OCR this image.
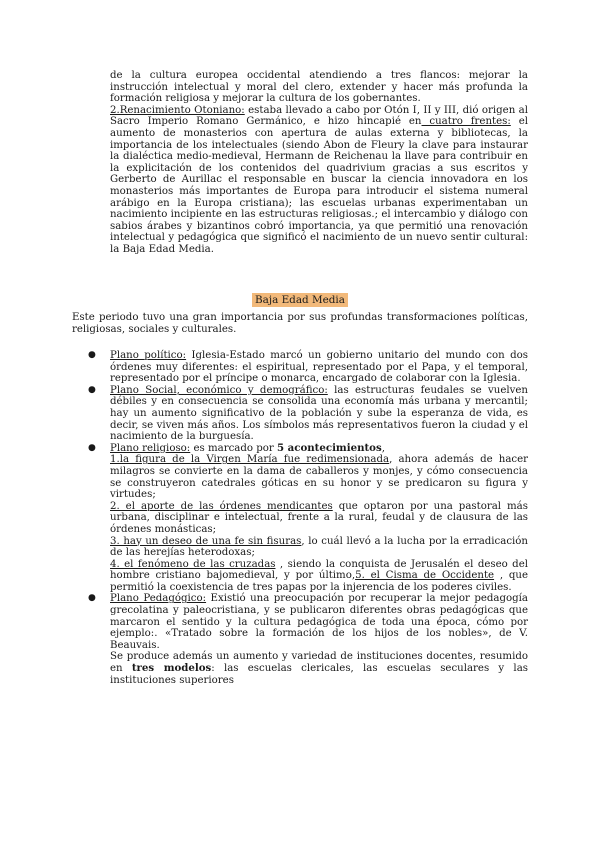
de la cultura europea occidental atendiendo a tres flancos: mejorar la instrucción intelectual y moral del clero, extender y hacer más profunda la formación religiosa y mejorar la cultura de los gobernantes.
2.Renacimiento Otoniano: estaba llevado a cabo por Otón I, II y III, dió origen al Sacro Imperio Romano Germánico, e hizo hincapié en cuatro frentes: el aumento de monasterios con apertura de aulas externa y bibliotecas, la importancia de los intelectuales (siendo Abon de Fleury la clave para instaurar la dialéctica medio-medieval, Hermann de Reichenau la llave para contribuir en la explicitación de los contenidos del quadrivium gracias a sus escritos y Gerberto de Aurillac el responsable en buscar la ciencia innovadora en los monasterios más importantes de Europa para introducir el sistema numeral arábigo en la Europa cristiana); las escuelas urbanas experimentaban un nacimiento incipiente en las estructuras religiosas.; el intercambio y diálogo con sabios árabes y bizantinos cobró importancia, ya que permitió una renovación intelectual y pedagógica que significó el nacimiento de un nuevo sentir cultural: la Baja Edad Media.
Baja Edad Media
Este periodo tuvo una gran importancia por sus profundas transformaciones políticas, religiosas, sociales y culturales.
● Plano político: Iglesia-Estado marcó un gobierno unitario del mundo con dos órdenes muy diferentes: el espiritual, representado por el Papa, y el temporal, representado por el príncipe o monarca, encargado de colaborar con la Iglesia.
● Plano Social, económico y demográfico: las estructuras feudales se vuelven débiles y en consecuencia se consolida una economía más urbana y mercantil; hay un aumento significativo de la población y sube la esperanza de vida, es decir, se viven más años. Los símbolos más representativos fueron la ciudad y el nacimiento de la burguesía.
● Plano religioso: es marcado por 5 acontecimientos,
1.la figura de la Virgen María fue redimensionada, ahora además de hacer milagros se convierte en la dama de caballeros y monjes, y cómo consecuencia se construyeron catedrales góticas en su honor y se predicaron su figura y virtudes;
2. el aporte de las órdenes mendicantes que optaron por una pastoral más urbana, disciplinar e intelectual, frente a la rural, feudal y de clausura de las órdenes monásticas;
3. hay un deseo de una fe sin fisuras, lo cuál llevó a la lucha por la erradicación de las herejías heterodoxas;
4. el fenómeno de las cruzadas , siendo la conquista de Jerusalén el deseo del hombre cristiano bajomedieval, y por último,5. el Cisma de Occidente , que permitió la coexistencia de tres papas por la injerencia de los poderes civiles.
● Plano Pedagógico: Existió una preocupación por recuperar la mejor pedagogía grecolatina y paleocristiana, y se publicaron diferentes obras pedagógicas que marcaron el sentido y la cultura pedagógica de toda una época, cómo por ejemplo:. «Tratado sobre la formación de los hijos de los nobles», de V. Beauvais.
Se produce además un aumento y variedad de instituciones docentes, resumido en tres modelos: las escuelas clericales, las escuelas seculares y las instituciones superiores
